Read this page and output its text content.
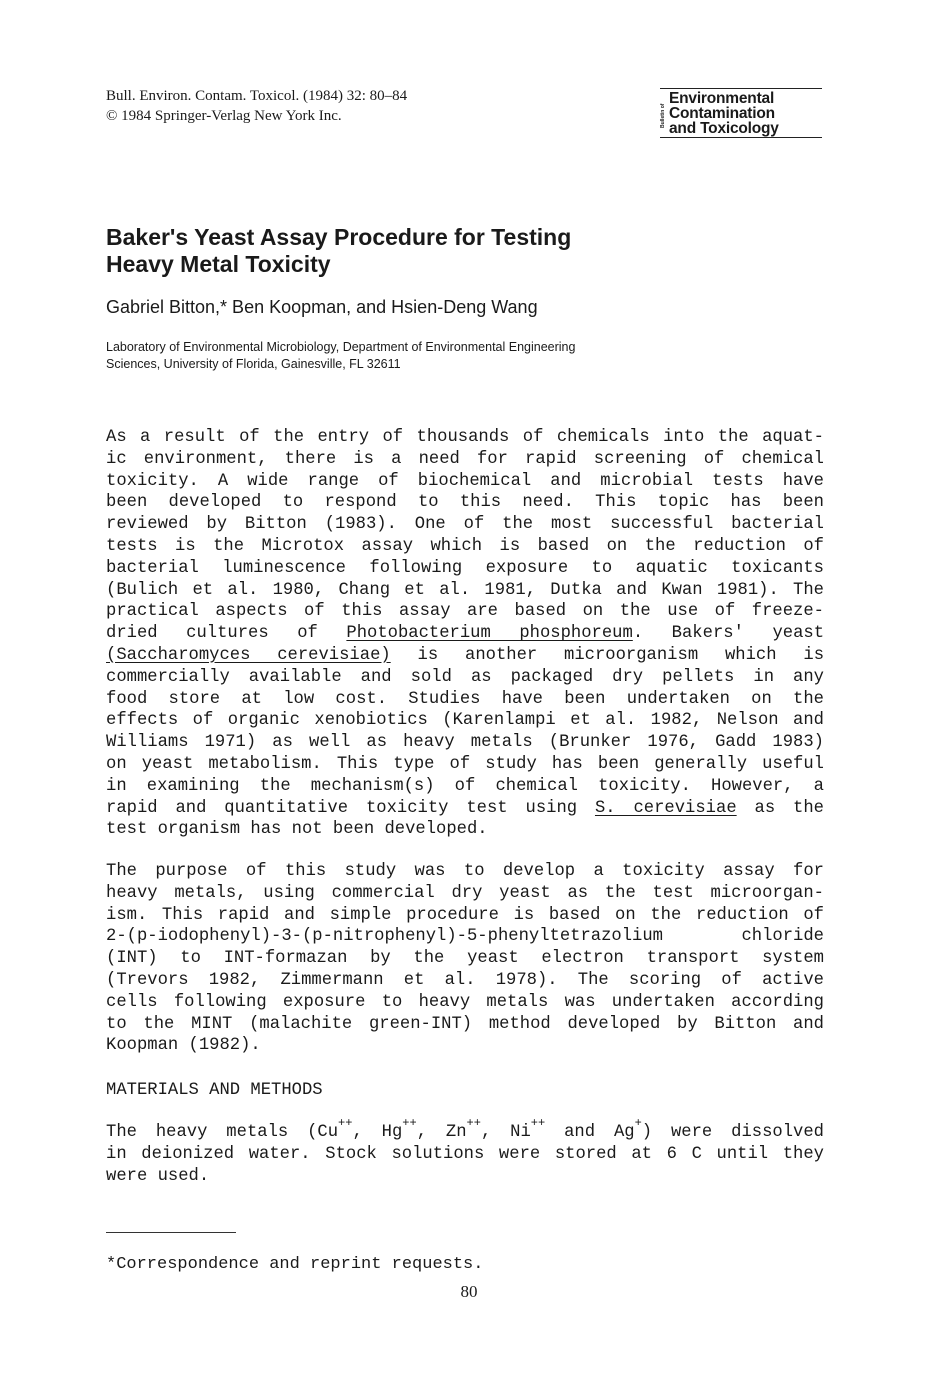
Bull. Environ. Contam. Toxicol. (1984) 32: 80–84
© 1984 Springer-Verlag New York Inc.	Bulletin of
Environmental
Contamination
and Toxicology
Baker's Yeast Assay Procedure for Testing
Heavy Metal Toxicity
Gabriel Bitton,* Ben Koopman, and Hsien-Deng Wang
Laboratory of Environmental Microbiology, Department of Environmental Engineering
Sciences, University of Florida, Gainesville, FL 32611
As a result of the entry of thousands of chemicals into the aquat-
ic environment, there is a need for rapid screening of chemical
toxicity. A wide range of biochemical and microbial tests have
been developed to respond to this need. This topic has been
reviewed by Bitton (1983). One of the most successful bacterial
tests is the Microtox assay which is based on the reduction of
bacterial luminescence following exposure to aquatic toxicants
(Bulich et al. 1980, Chang et al. 1981, Dutka and Kwan 1981). The
practical aspects of this assay are based on the use of freeze-
dried cultures of Photobacterium phosphoreum. Bakers' yeast
(Saccharomyces cerevisiae) is another microorganism which is
commercially available and sold as packaged dry pellets in any
food store at low cost. Studies have been undertaken on the
effects of organic xenobiotics (Karenlampi et al. 1982, Nelson and
Williams 1971) as well as heavy metals (Brunker 1976, Gadd 1983)
on yeast metabolism. This type of study has been generally useful
in examining the mechanism(s) of chemical toxicity. However, a
rapid and quantitative toxicity test using S. cerevisiae as the
test organism has not been developed.
The purpose of this study was to develop a toxicity assay for
heavy metals, using commercial dry yeast as the test microorgan-
ism. This rapid and simple procedure is based on the reduction of
2-(p-iodophenyl)-3-(p-nitrophenyl)-5-phenyltetrazolium chloride
(INT) to INT-formazan by the yeast electron transport system
(Trevors 1982, Zimmermann et al. 1978). The scoring of active
cells following exposure to heavy metals was undertaken according
to the MINT (malachite green-INT) method developed by Bitton and
Koopman (1982).
MATERIALS AND METHODS
The heavy metals (Cu++, Hg++, Zn++, Ni++ and Ag+) were dissolved
in deionized water. Stock solutions were stored at 6 C until they
were used.
*Correspondence and reprint requests.
80
